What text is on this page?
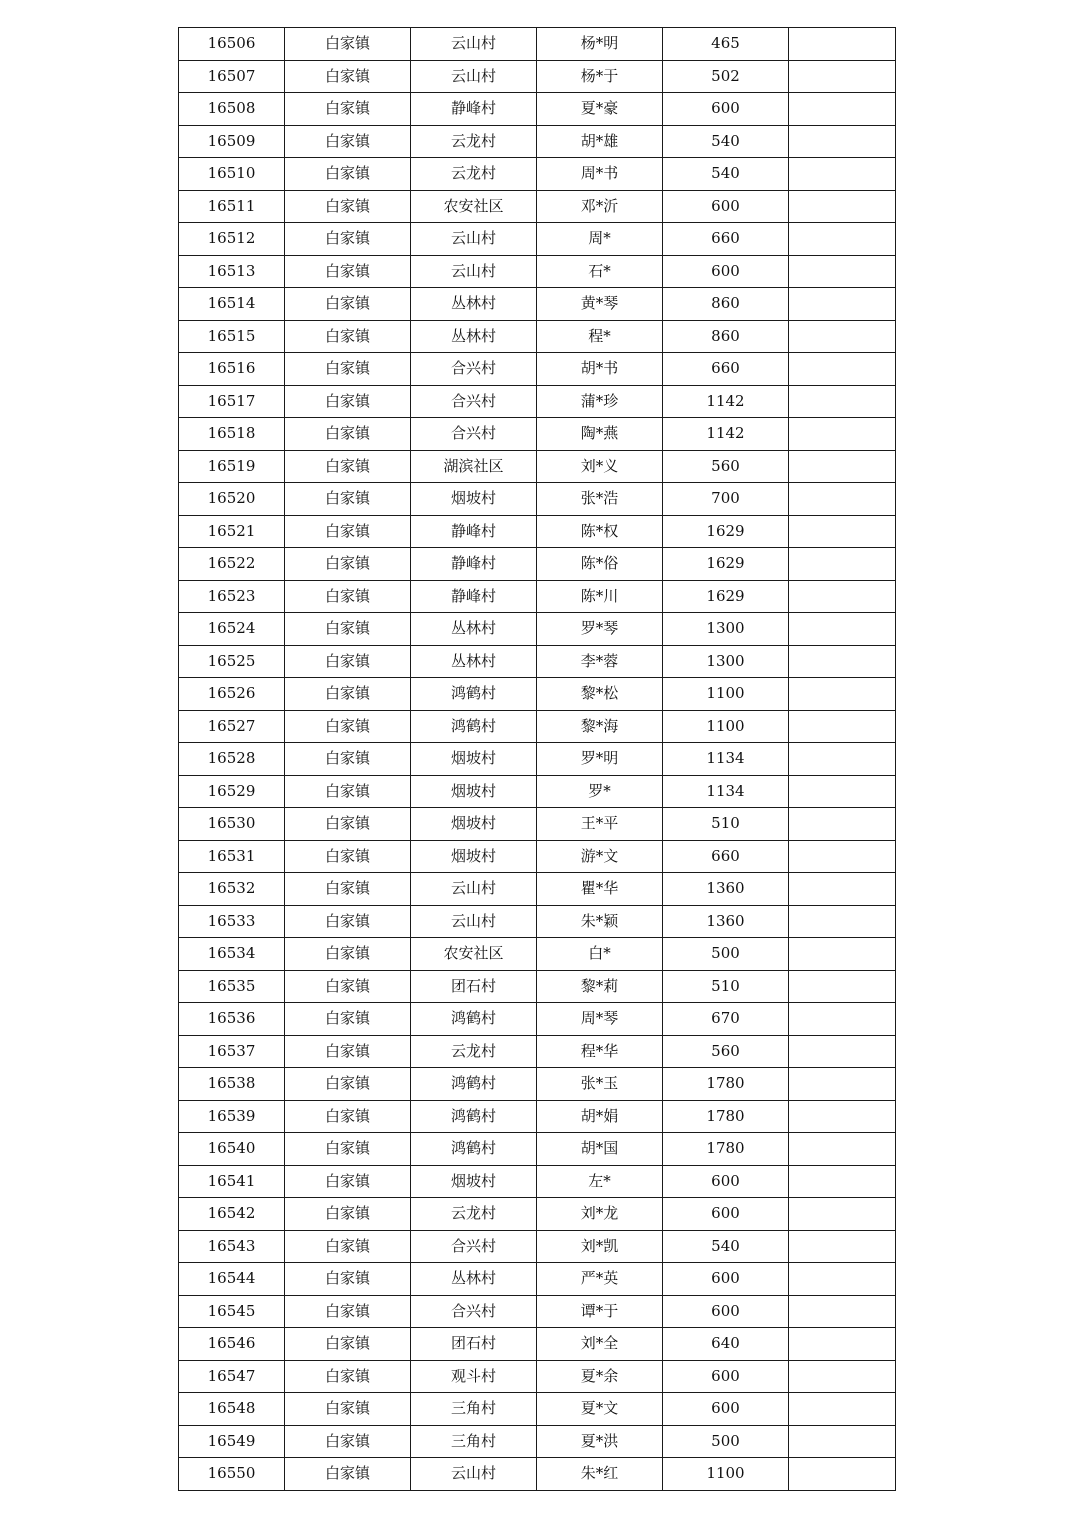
16506	白家镇	云山村	杨*明	465	
16507	白家镇	云山村	杨*于	502	
16508	白家镇	静峰村	夏*豪	600	
16509	白家镇	云龙村	胡*雄	540	
16510	白家镇	云龙村	周*书	540	
16511	白家镇	农安社区	邓*沂	600	
16512	白家镇	云山村	周*	660	
16513	白家镇	云山村	石*	600	
16514	白家镇	丛林村	黄*琴	860	
16515	白家镇	丛林村	程*	860	
16516	白家镇	合兴村	胡*书	660	
16517	白家镇	合兴村	蒲*珍	1142	
16518	白家镇	合兴村	陶*燕	1142	
16519	白家镇	湖滨社区	刘*义	560	
16520	白家镇	烟坡村	张*浩	700	
16521	白家镇	静峰村	陈*权	1629	
16522	白家镇	静峰村	陈*俗	1629	
16523	白家镇	静峰村	陈*川	1629	
16524	白家镇	丛林村	罗*琴	1300	
16525	白家镇	丛林村	李*蓉	1300	
16526	白家镇	鸿鹤村	黎*松	1100	
16527	白家镇	鸿鹤村	黎*海	1100	
16528	白家镇	烟坡村	罗*明	1134	
16529	白家镇	烟坡村	罗*	1134	
16530	白家镇	烟坡村	王*平	510	
16531	白家镇	烟坡村	游*文	660	
16532	白家镇	云山村	瞿*华	1360	
16533	白家镇	云山村	朱*颖	1360	
16534	白家镇	农安社区	白*	500	
16535	白家镇	团石村	黎*莉	510	
16536	白家镇	鸿鹤村	周*琴	670	
16537	白家镇	云龙村	程*华	560	
16538	白家镇	鸿鹤村	张*玉	1780	
16539	白家镇	鸿鹤村	胡*娟	1780	
16540	白家镇	鸿鹤村	胡*国	1780	
16541	白家镇	烟坡村	左*	600	
16542	白家镇	云龙村	刘*龙	600	
16543	白家镇	合兴村	刘*凯	540	
16544	白家镇	丛林村	严*英	600	
16545	白家镇	合兴村	谭*于	600	
16546	白家镇	团石村	刘*全	640	
16547	白家镇	观斗村	夏*余	600	
16548	白家镇	三角村	夏*文	600	
16549	白家镇	三角村	夏*洪	500	
16550	白家镇	云山村	朱*红	1100	
